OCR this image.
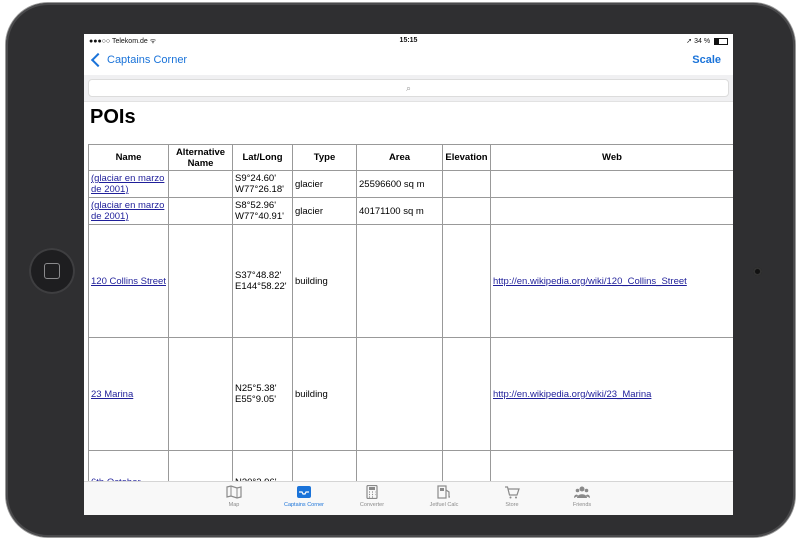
●●●○○ Telekom.de ᯤ	15:15	➚ 34 %
Captains Corner	Scale
⌕
POIs
Name	Alternative Name	Lat/Long	Type	Area	Elevation	Web
(glaciar en marzo de 2001)		S9°24.60' W77°26.18'	glacier	25596600 sq m		
(glaciar en marzo de 2001)		S8°52.96' W77°40.91'	glacier	40171100 sq m		
120 Collins Street		S37°48.82' E144°58.22'	building			http://en.wikipedia.org/wiki/120_Collins_Street
23 Marina		N25°5.38' E55°9.05'	building			http://en.wikipedia.org/wiki/23_Marina

Map	Captains Corner	Converter	Jetfuel Calc	Store	Friends
